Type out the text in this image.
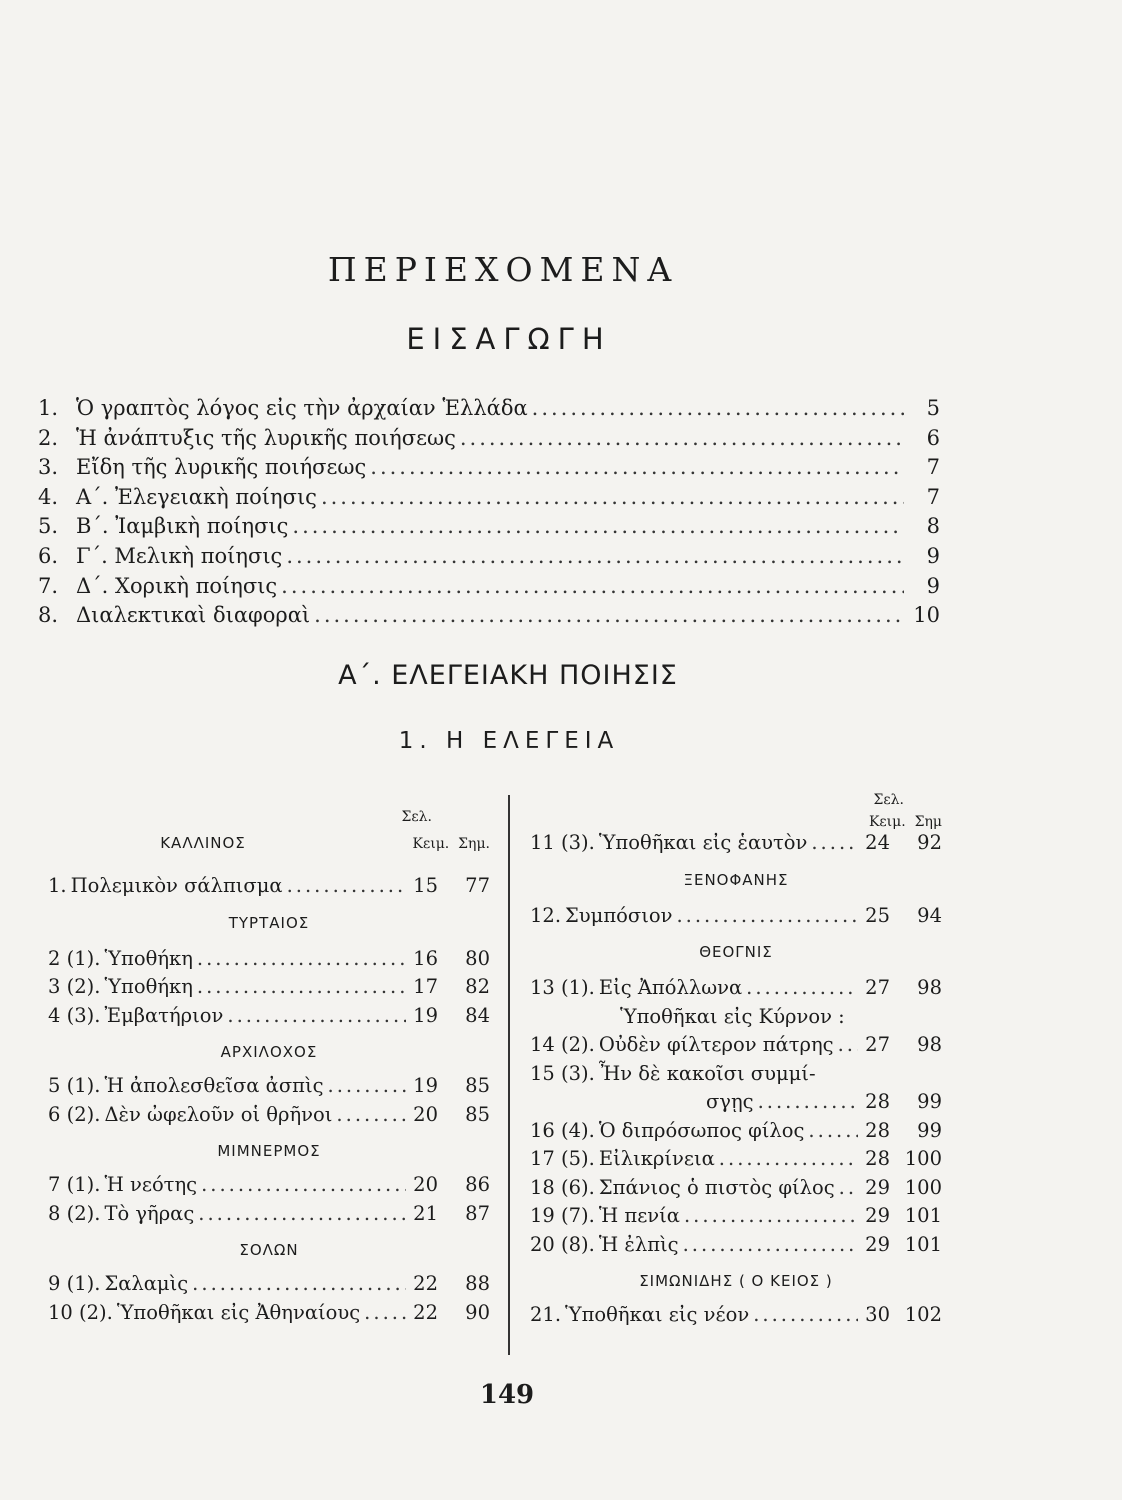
ΠΕΡΙΕΧΟΜΕΝΑ
ΕΙΣΑΓΩΓΗ
1. Ὁ γραπτὸς λόγος εἰς τὴν ἀρχαίαν Ἑλλάδα .....	5
2. Ἡ ἀνάπτυξις τῆς λυρικῆς ποιήσεως .....	6
3. Εἴδη τῆς λυρικῆς ποιήσεως .....	7
4. Α΄. Ἐλεγειακὴ ποίησις .....	7
5. Β΄. Ἰαμβικὴ ποίησις .....	8
6. Γ΄. Μελικὴ ποίησις .....	9
7. Δ΄. Χορικὴ ποίησις .....	9
8. Διαλεκτικαὶ διαφοραὶ .....	10
Α΄. ΕΛΕΓΕΙΑΚΗ ΠΟΙΗΣΙΣ
1. Η ΕΛΕΓΕΙΑ
Σελ.
ΚΑΛΛΙΝΟΣ	Κειμ. Σημ.
1. Πολεμικὸν σάλπισμα .....	15	77
ΤΥΡΤΑΙΟΣ
2 (1). Ὑποθήκη .....	16	80
3 (2). Ὑποθήκη .....	17	82
4 (3). Ἐμβατήριον .....	19	84
ΑΡΧΙΛΟΧΟΣ
5 (1). Ἡ ἀπολεσθεῖσα ἀσπὶς .....	19	85
6 (2). Δὲν ὠφελοῦν οἱ θρῆνοι .....	20	85
ΜΙΜΝΕΡΜΟΣ
7 (1). Ἡ νεότης .....	20	86
8 (2). Τὸ γῆρας .....	21	87
ΣΟΛΩΝ
9 (1). Σαλαμὶς .....	22	88
10 (2). Ὑποθῆκαι εἰς Ἀθηναίους .....	22	90
Σελ.
Κειμ. Σημ
11 (3). Ὑποθῆκαι εἰς ἑαυτὸν .....	24	92
ΞΕΝΟΦΑΝΗΣ
12. Συμπόσιον .....	25	94
ΘΕΟΓΝΙΣ
13 (1). Εἰς Ἀπόλλωνα .....	27	98
Ὑποθῆκαι εἰς Κύρνον :
14 (2). Οὐδὲν φίλτερον πάτρης ..... 27	98
15 (3). Ἦν δὲ κακοῖσι συμμί-
σγῃς .....	28	99
16 (4). Ὁ διπρόσωπος φίλος .....	28	99
17 (5). Εἰλικρίνεια .....	28 100
18 (6). Σπάνιος ὁ πιστὸς φίλος ..... 29 100
19 (7). Ἡ πενία .....	29 101
20 (8). Ἡ ἐλπὶς .....	29 101
ΣΙΜΩΝΙΔΗΣ ( Ο ΚΕΙΟΣ )
21. Ὑποθῆκαι εἰς νέον .....	30 102
149
